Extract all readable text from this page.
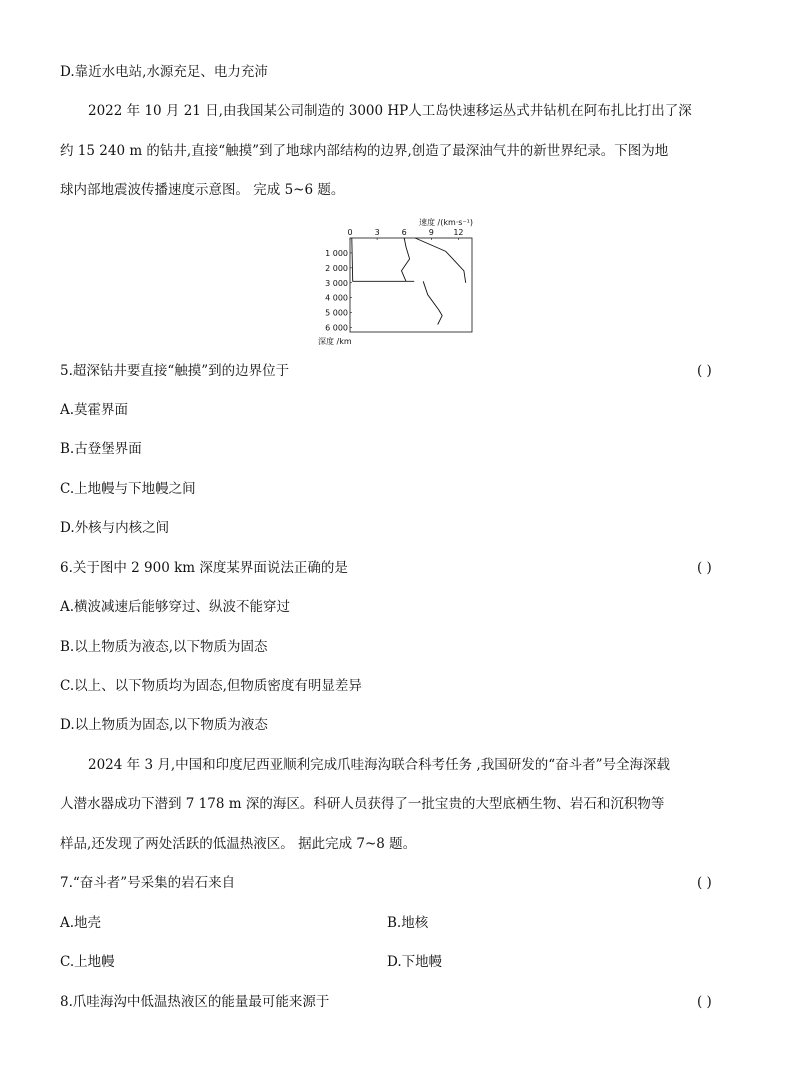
D.靠近水电站,水源充足、电力充沛
2022 年 10 月 21 日,由我国某公司制造的 3000 HP人工岛快速移运丛式井钻机在阿布扎比打出了深
约 15 240 m 的钻井,直接“触摸”到了地球内部结构的边界,创造了最深油气井的新世界纪录。下图为地
球内部地震波传播速度示意图。 完成 5~6 题。
速度 /(km·s⁻¹)
0	3	6	9 12
1 000
2 000
3 000
4 000
5 000
6 000
深度 /km
5.超深钻井要直接“触摸”到的边界位于	( )
A.莫霍界面
B.古登堡界面
C.上地幔与下地幔之间
D.外核与内核之间
6.关于图中 2 900 km 深度某界面说法正确的是	( )
A.横波减速后能够穿过、纵波不能穿过
B.以上物质为液态,以下物质为固态
C.以上、以下物质均为固态,但物质密度有明显差异
D.以上物质为固态,以下物质为液态
2024 年 3 月,中国和印度尼西亚顺利完成爪哇海沟联合科考任务 ,我国研发的“奋斗者”号全海深载
人潜水器成功下潜到 7 178 m 深的海区。科研人员获得了一批宝贵的大型底栖生物、岩石和沉积物等
样品,还发现了两处活跃的低温热液区。 据此完成 7~8 题。
7.“奋斗者”号采集的岩石来自	( )
A.地壳	B.地核
C.上地幔	D.下地幔
8.爪哇海沟中低温热液区的能量最可能来源于	( )
